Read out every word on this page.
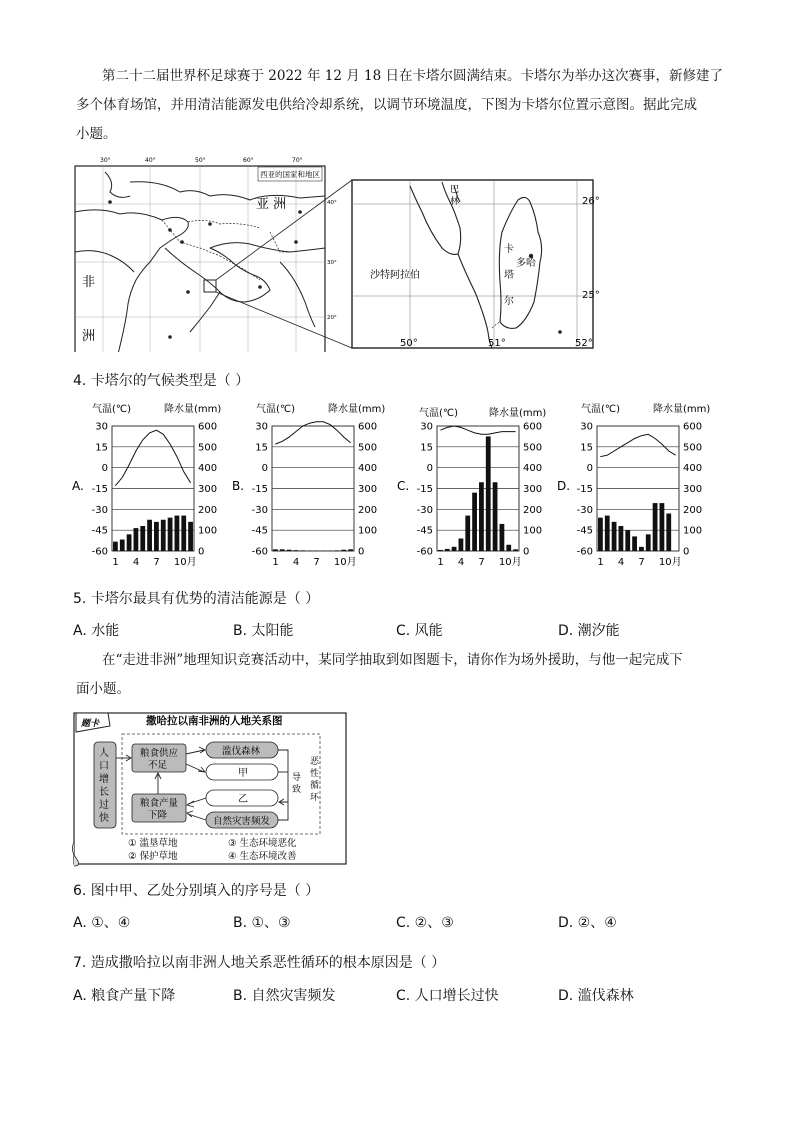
第二十二届世界杯足球赛于 2022 年 12 月 18 日在卡塔尔圆满结束。卡塔尔为举办这次赛事，新修建了
多个体育场馆，并用清洁能源发电供给冷却系统，以调节环境温度，下图为卡塔尔位置示意图。据此完成
小题。
30°	40°	50°	60°	70°
西亚的国家和地区
亚 洲
非
洲
40°
30°
20°
26°
25°
50°	51°	52°
巴
林
沙特阿拉伯
多哈
卡
塔
尔
4. 卡塔尔的气候类型是（ ）
A.
气温(℃)	降水量(mm)
30	600
15	500
0	400
-15	300
-30	200
-45	100
-60	0
1 4 7 10月
B.
气温(℃)	降水量(mm)
30	600
15	500
0	400
-15	300
-30	200
-45	100
-60	0
1 4 7 10月
C.
气温(℃)	降水量(mm)
30	600
15	500
0	400
-15	300
-30	200
-45	100
-60	0
1 4 7 10月
D.
气温(℃)	降水量(mm)
30	600
15	500
0	400
-15	300
-30	200
-45	100
-60	0
1 4 7 10月
5. 卡塔尔最具有优势的清洁能源是（ ）
A. 水能	B. 太阳能	C. 风能	D. 潮汐能
在“走进非洲”地理知识竞赛活动中，某同学抽取到如图题卡，请你作为场外援助，与他一起完成下
面小题。
题卡	撒哈拉以南非洲的人地关系图
人
口
增
长
过
快
粮食供应
不足
粮食产量
下降
滥伐森林
甲
乙
自然灾害频发
导
致
恶
性
循
环
① 滥垦草地
② 保护草地
③ 生态环境恶化
④ 生态环境改善
6. 图中甲、乙处分别填入的序号是（ ）
A. ①、④	B. ①、③	C. ②、③	D. ②、④
7. 造成撒哈拉以南非洲人地关系恶性循环的根本原因是（ ）
A. 粮食产量下降	B. 自然灾害频发	C. 人口增长过快	D. 滥伐森林
